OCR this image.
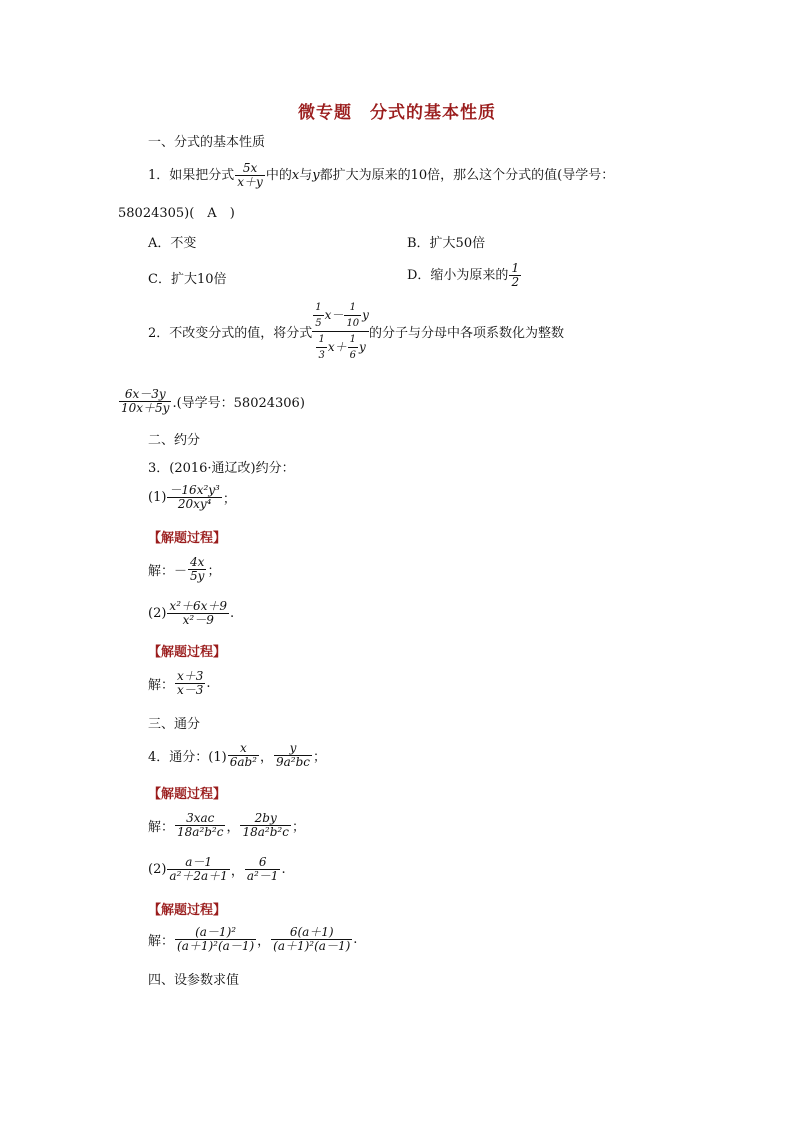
微专题　分式的基本性质
一、分式的基本性质
1．如果把分式 $\frac{5x}{x+y}$ 中的x与y都扩大为原来的10倍，那么这个分式的值(导学号：
58024305)(　A　)
A．不变	B．扩大50倍
C．扩大10倍	D．缩小为原来的 $\frac{1}{2}$
2．不改变分式的值，将分式 $\frac{\frac{1}{5} x- \frac{1}{10} y}{\frac{1}{3} x+ \frac{1}{6} y}$ 的分子与分母中各项系数化为整数
$\frac{6x-3y}{10x+5y}$ .(导学号：58024306)
二、约分
3．(2016·通辽改)约分：
$(1) \frac{\text{－16x²y³}}{\text{20xy⁴}}$ ；
【解题过程】
解：－ $\frac{4x}{5y}$ ；
$(2) \frac{\text{x²＋6x＋9}}{\text{x²－9}}$ .
【解题过程】
解： $\frac{x+3}{x-3}$ .
三、通分
4．通分：$(1) \frac{x}{\text{6ab²}}$ ， $\frac{y}{\text{9a²bc}}$ ；
【解题过程】
解： $\frac{\text{3xac}}{\text{18a²b²c}}$ ， $\frac{2by}{\text{18a²b²c}}$ ；
$(2) \frac{a-1}{\text{a²＋2a＋1}}$ ， $\frac{6}{\text{a²－1}}$ .
【解题过程】
解： $\frac{\text{(a－1)²}}{\text{(a＋1)²(a－1)}}$ ， $\frac{6(a+1)}{\text{(a＋1)²(a－1)}}$ .
四、设参数求值
